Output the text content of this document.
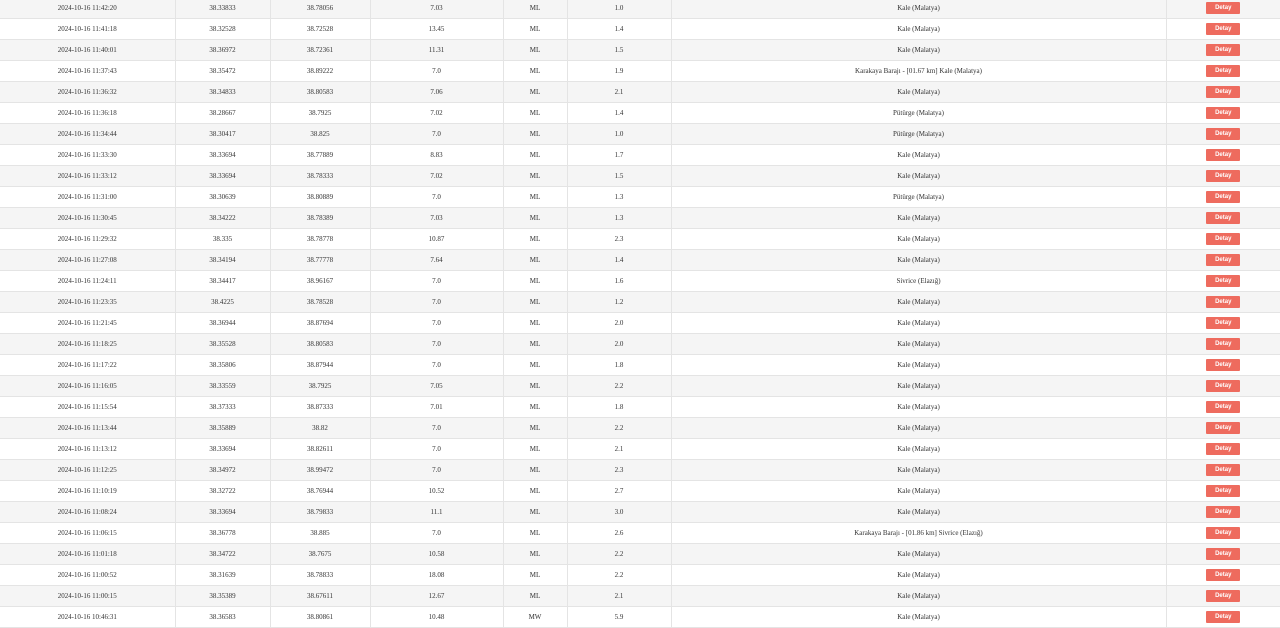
2024-10-16 11:42:20	38.33833	38.78056	7.03	ML	1.0	Kale (Malatya)	Detay
2024-10-16 11:41:18	38.32528	38.72528	13.45	ML	1.4	Kale (Malatya)	Detay
2024-10-16 11:40:01	38.36972	38.72361	11.31	ML	1.5	Kale (Malatya)	Detay
2024-10-16 11:37:43	38.35472	38.89222	7.0	ML	1.9	Karakaya Barajı - [01.67 km] Kale (Malatya)	Detay
2024-10-16 11:36:32	38.34833	38.80583	7.06	ML	2.1	Kale (Malatya)	Detay
2024-10-16 11:36:18	38.28667	38.7925	7.02	ML	1.4	Pütürge (Malatya)	Detay
2024-10-16 11:34:44	38.30417	38.825	7.0	ML	1.0	Pütürge (Malatya)	Detay
2024-10-16 11:33:30	38.33694	38.77889	8.83	ML	1.7	Kale (Malatya)	Detay
2024-10-16 11:33:12	38.33694	38.78333	7.02	ML	1.5	Kale (Malatya)	Detay
2024-10-16 11:31:00	38.30639	38.80889	7.0	ML	1.3	Pütürge (Malatya)	Detay
2024-10-16 11:30:45	38.34222	38.78389	7.03	ML	1.3	Kale (Malatya)	Detay
2024-10-16 11:29:32	38.335	38.78778	10.87	ML	2.3	Kale (Malatya)	Detay
2024-10-16 11:27:08	38.34194	38.77778	7.64	ML	1.4	Kale (Malatya)	Detay
2024-10-16 11:24:11	38.34417	38.96167	7.0	ML	1.6	Sivrice (Elazığ)	Detay
2024-10-16 11:23:35	38.4225	38.78528	7.0	ML	1.2	Kale (Malatya)	Detay
2024-10-16 11:21:45	38.36944	38.87694	7.0	ML	2.0	Kale (Malatya)	Detay
2024-10-16 11:18:25	38.35528	38.80583	7.0	ML	2.0	Kale (Malatya)	Detay
2024-10-16 11:17:22	38.35806	38.87944	7.0	ML	1.8	Kale (Malatya)	Detay
2024-10-16 11:16:05	38.33559	38.7925	7.05	ML	2.2	Kale (Malatya)	Detay
2024-10-16 11:15:54	38.37333	38.87333	7.01	ML	1.8	Kale (Malatya)	Detay
2024-10-16 11:13:44	38.35889	38.82	7.0	ML	2.2	Kale (Malatya)	Detay
2024-10-16 11:13:12	38.33694	38.82611	7.0	ML	2.1	Kale (Malatya)	Detay
2024-10-16 11:12:25	38.34972	38.99472	7.0	ML	2.3	Kale (Malatya)	Detay
2024-10-16 11:10:19	38.32722	38.76944	10.52	ML	2.7	Kale (Malatya)	Detay
2024-10-16 11:08:24	38.33694	38.79833	11.1	ML	3.0	Kale (Malatya)	Detay
2024-10-16 11:06:15	38.36778	38.885	7.0	ML	2.6	Karakaya Barajı - [01.86 km] Sivrice (Elazığ)	Detay
2024-10-16 11:01:18	38.34722	38.7675	10.58	ML	2.2	Kale (Malatya)	Detay
2024-10-16 11:00:52	38.31639	38.78833	18.08	ML	2.2	Kale (Malatya)	Detay
2024-10-16 11:00:15	38.35389	38.67611	12.67	ML	2.1	Kale (Malatya)	Detay
2024-10-16 10:46:31	38.36583	38.80861	10.48	MW	5.9	Kale (Malatya)	Detay
